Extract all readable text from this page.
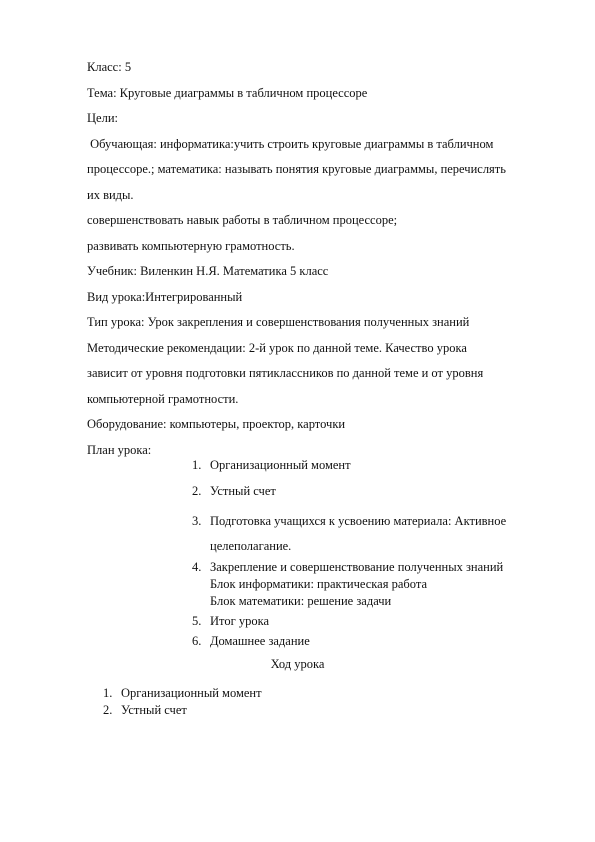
Класс: 5
Тема: Круговые диаграммы в табличном процессоре
Цели:
Обучающая: информатика:учить строить круговые диаграммы в табличном
процессоре.; математика: называть понятия круговые диаграммы, перечислять
их виды.
совершенствовать навык работы в табличном процессоре;
развивать компьютерную грамотность.
Учебник: Виленкин Н.Я. Математика 5 класс
Вид урока:Интегрированный
Тип урока: Урок закрепления и совершенствования полученных знаний
Методические рекомендации: 2-й урок по данной теме. Качество урока
зависит от уровня подготовки пятиклассников по данной теме и от уровня
компьютерной грамотности.
Оборудование: компьютеры, проектор, карточки
План урока:
1. Организационный момент
2. Устный счет
3. Подготовка учащихся к усвоению материала: Активное
целеполагание.
4. Закрепление и совершенствование полученных знаний
Блок информатики: практическая работа
Блок математики: решение задачи
5. Итог урока
6. Домашнее задание
Ход урока
1. Организационный момент
2. Устный счет
